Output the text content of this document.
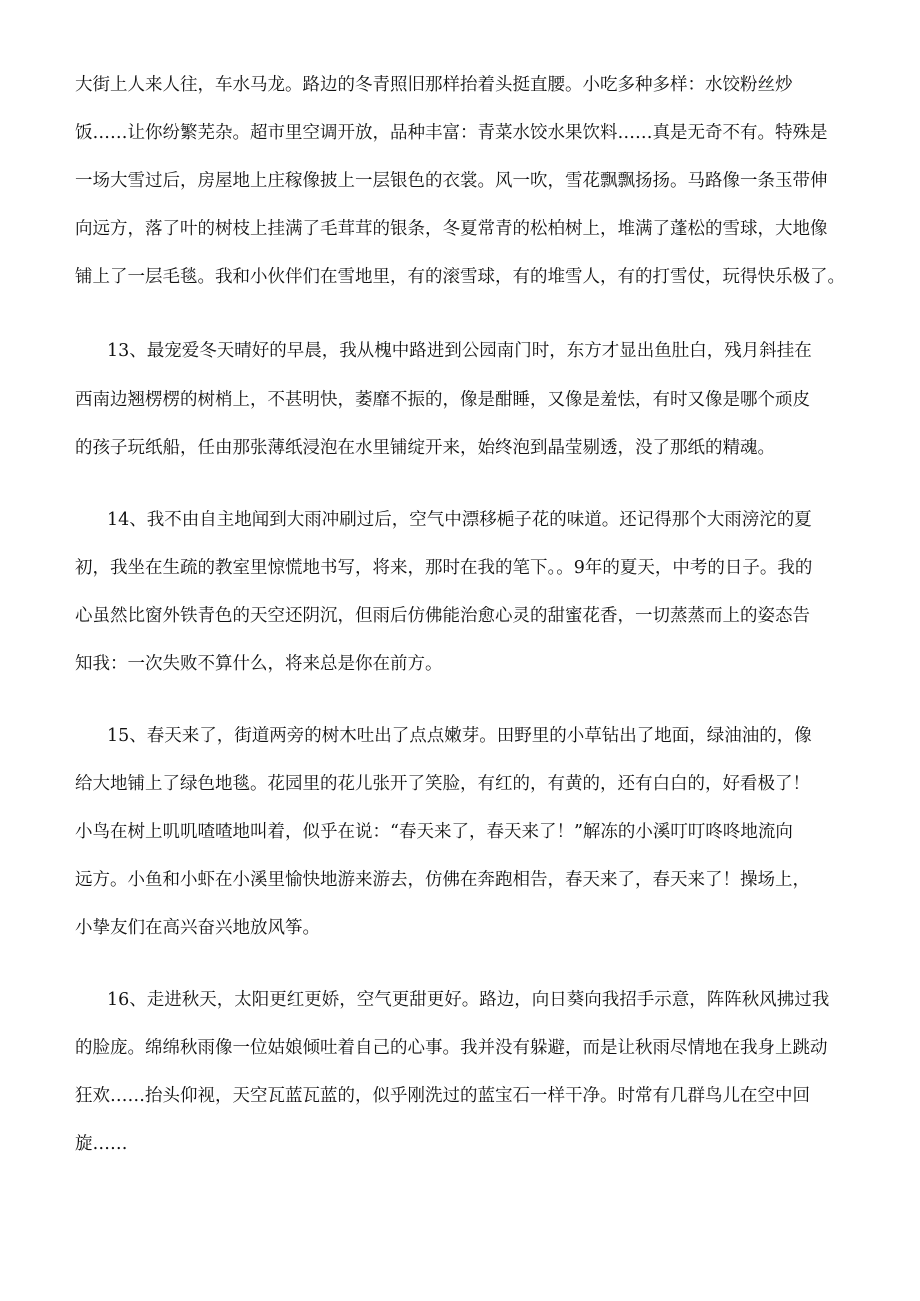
大街上人来人往，车水马龙。路边的冬青照旧那样抬着头挺直腰。小吃多种多样：水饺粉丝炒
饭……让你纷繁芜杂。超市里空调开放，品种丰富：青菜水饺水果饮料……真是无奇不有。特殊是
一场大雪过后，房屋地上庄稼像披上一层银色的衣裳。风一吹，雪花飘飘扬扬。马路像一条玉带伸
向远方，落了叶的树枝上挂满了毛茸茸的银条，冬夏常青的松柏树上，堆满了蓬松的雪球，大地像
铺上了一层毛毯。我和小伙伴们在雪地里，有的滚雪球，有的堆雪人，有的打雪仗，玩得快乐极了。
13、最宠爱冬天晴好的早晨，我从槐中路进到公园南门时，东方才显出鱼肚白，残月斜挂在
西南边翘楞楞的树梢上，不甚明快，萎靡不振的，像是酣睡，又像是羞怯，有时又像是哪个顽皮
的孩子玩纸船，任由那张薄纸浸泡在水里铺绽开来，始终泡到晶莹剔透，没了那纸的精魂。
14、我不由自主地闻到大雨冲刷过后，空气中漂移梔子花的味道。还记得那个大雨滂沱的夏
初，我坐在生疏的教室里惊慌地书写，将来，那时在我的笔下。。9年的夏天，中考的日子。我的
心虽然比窗外铁青色的天空还阴沉，但雨后仿佛能治愈心灵的甜蜜花香，一切蒸蒸而上的姿态告
知我：一次失败不算什么，将来总是你在前方。
15、春天来了，街道两旁的树木吐出了点点嫩芽。田野里的小草钻出了地面，绿油油的，像
给大地铺上了绿色地毯。花园里的花儿张开了笑脸，有红的，有黄的，还有白白的，好看极了！
小鸟在树上叽叽喳喳地叫着，似乎在说：“春天来了，春天来了！”解冻的小溪叮叮咚咚地流向
远方。小鱼和小虾在小溪里愉快地游来游去，仿佛在奔跑相告，春天来了，春天来了！操场上，
小挚友们在高兴奋兴地放风筝。
16、走进秋天，太阳更红更娇，空气更甜更好。路边，向日葵向我招手示意，阵阵秋风拂过我
的脸庞。绵绵秋雨像一位姑娘倾吐着自己的心事。我并没有躲避，而是让秋雨尽情地在我身上跳动
狂欢……抬头仰视，天空瓦蓝瓦蓝的，似乎刚洗过的蓝宝石一样干净。时常有几群鸟儿在空中回
旋……
